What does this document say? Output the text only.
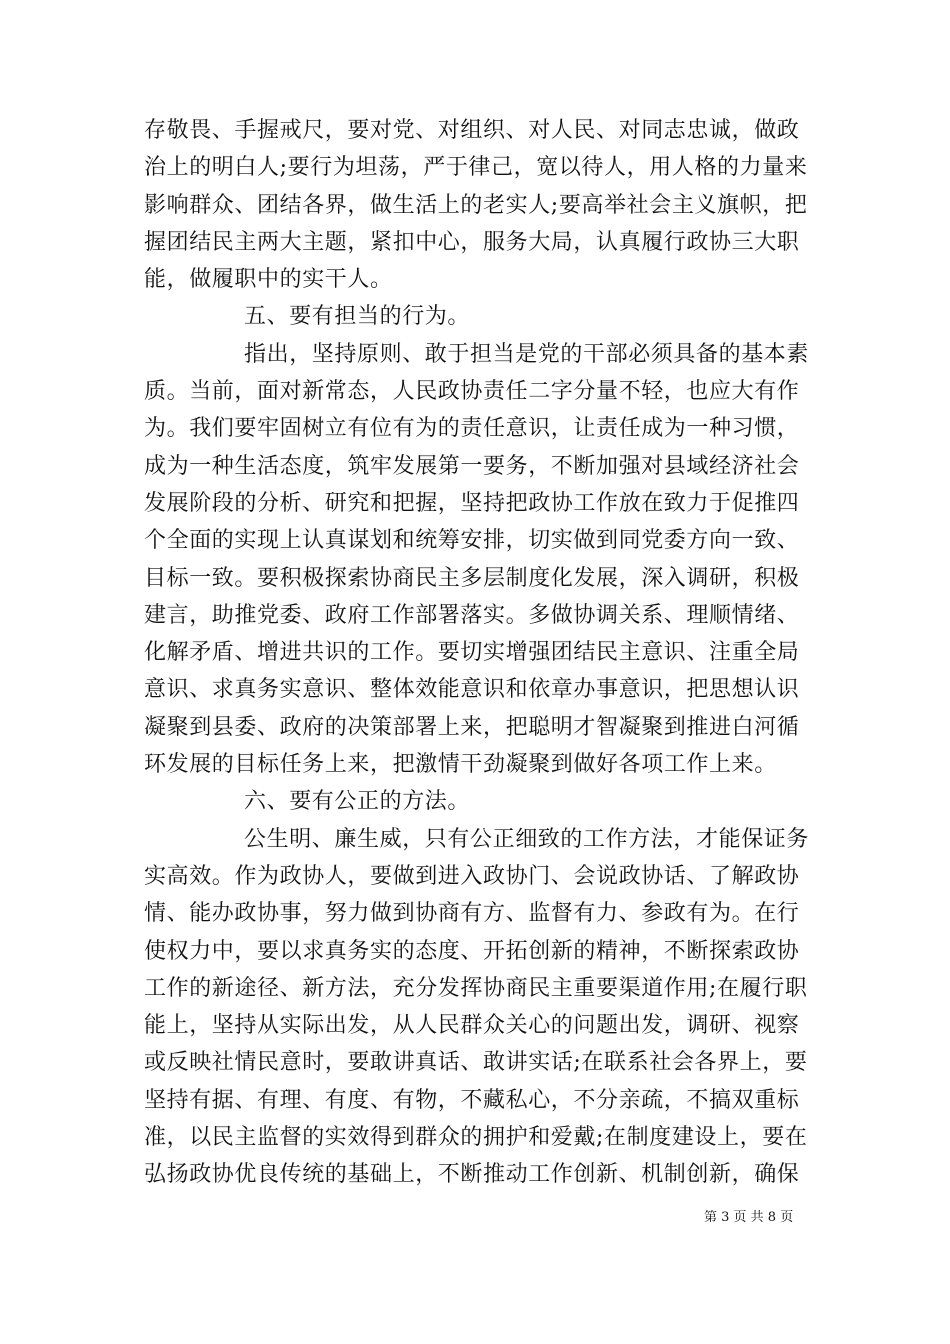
存敬畏、手握戒尺，要对党、对组织、对人民、对同志忠诚，做政
治上的明白人;要行为坦荡，严于律己，宽以待人，用人格的力量来
影响群众、团结各界，做生活上的老实人;要高举社会主义旗帜，把
握团结民主两大主题，紧扣中心，服务大局，认真履行政协三大职
能，做履职中的实干人。
五、要有担当的行为。
指出，坚持原则、敢于担当是党的干部必须具备的基本素
质。当前，面对新常态，人民政协责任二字分量不轻，也应大有作
为。我们要牢固树立有位有为的责任意识，让责任成为一种习惯，
成为一种生活态度，筑牢发展第一要务，不断加强对县域经济社会
发展阶段的分析、研究和把握，坚持把政协工作放在致力于促推四
个全面的实现上认真谋划和统筹安排，切实做到同党委方向一致、
目标一致。要积极探索协商民主多层制度化发展，深入调研，积极
建言，助推党委、政府工作部署落实。多做协调关系、理顺情绪、
化解矛盾、增进共识的工作。要切实增强团结民主意识、注重全局
意识、求真务实意识、整体效能意识和依章办事意识，把思想认识
凝聚到县委、政府的决策部署上来，把聪明才智凝聚到推进白河循
环发展的目标任务上来，把激情干劲凝聚到做好各项工作上来。
六、要有公正的方法。
公生明、廉生威，只有公正细致的工作方法，才能保证务
实高效。作为政协人，要做到进入政协门、会说政协话、了解政协
情、能办政协事，努力做到协商有方、监督有力、参政有为。在行
使权力中，要以求真务实的态度、开拓创新的精神，不断探索政协
工作的新途径、新方法，充分发挥协商民主重要渠道作用;在履行职
能上，坚持从实际出发，从人民群众关心的问题出发，调研、视察
或反映社情民意时，要敢讲真话、敢讲实话;在联系社会各界上，要
坚持有据、有理、有度、有物，不藏私心，不分亲疏，不搞双重标
准，以民主监督的实效得到群众的拥护和爱戴;在制度建设上，要在
弘扬政协优良传统的基础上，不断推动工作创新、机制创新，确保
第 3 页 共 8 页
